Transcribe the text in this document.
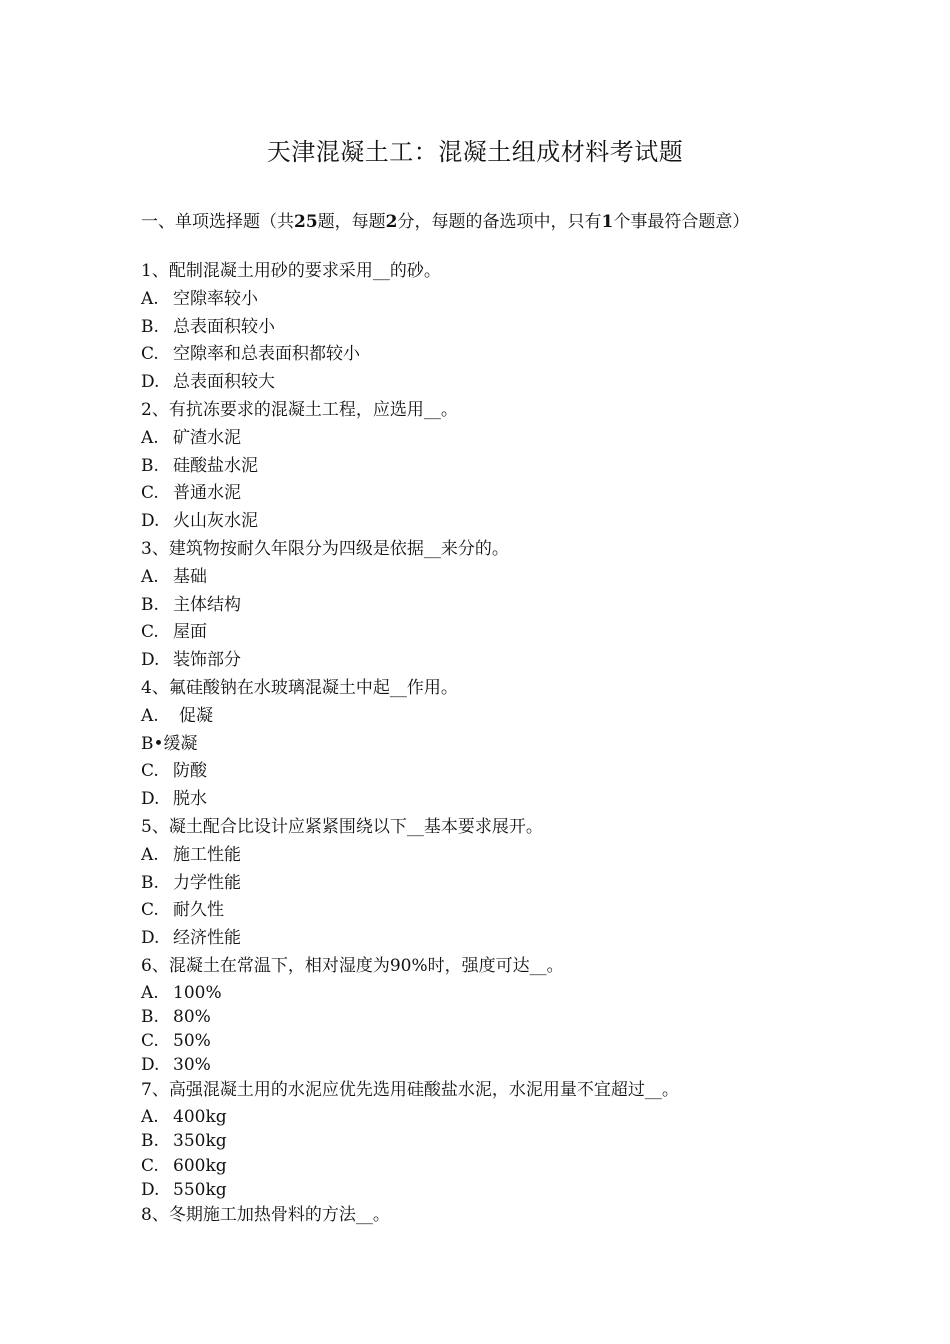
天津混凝土工：混凝土组成材料考试题
一、单项选择题（共25题，每题2分，每题的备选项中，只有1个事最符合题意）
1、配制混凝土用砂的要求采用__的砂。
A. 空隙率较小
B. 总表面积较小
C. 空隙率和总表面积都较小
D. 总表面积较大
2、有抗冻要求的混凝土工程，应选用__。
A. 矿渣水泥
B. 硅酸盐水泥
C. 普通水泥
D. 火山灰水泥
3、建筑物按耐久年限分为四级是依据__来分的。
A. 基础
B. 主体结构
C. 屋面
D. 装饰部分
4、氟硅酸钠在水玻璃混凝土中起__作用。
A. 促凝
B•缓凝
C. 防酸
D. 脱水
5、凝土配合比设计应紧紧围绕以下__基本要求展开。
A. 施工性能
B. 力学性能
C. 耐久性
D. 经济性能
6、混凝土在常温下，相对湿度为90%时，强度可达__。
A. 100%
B. 80%
C. 50%
D. 30%
7、高强混凝土用的水泥应优先选用硅酸盐水泥，水泥用量不宜超过__。
A. 400kg
B. 350kg
C. 600kg
D. 550kg
8、冬期施工加热骨料的方法__。
